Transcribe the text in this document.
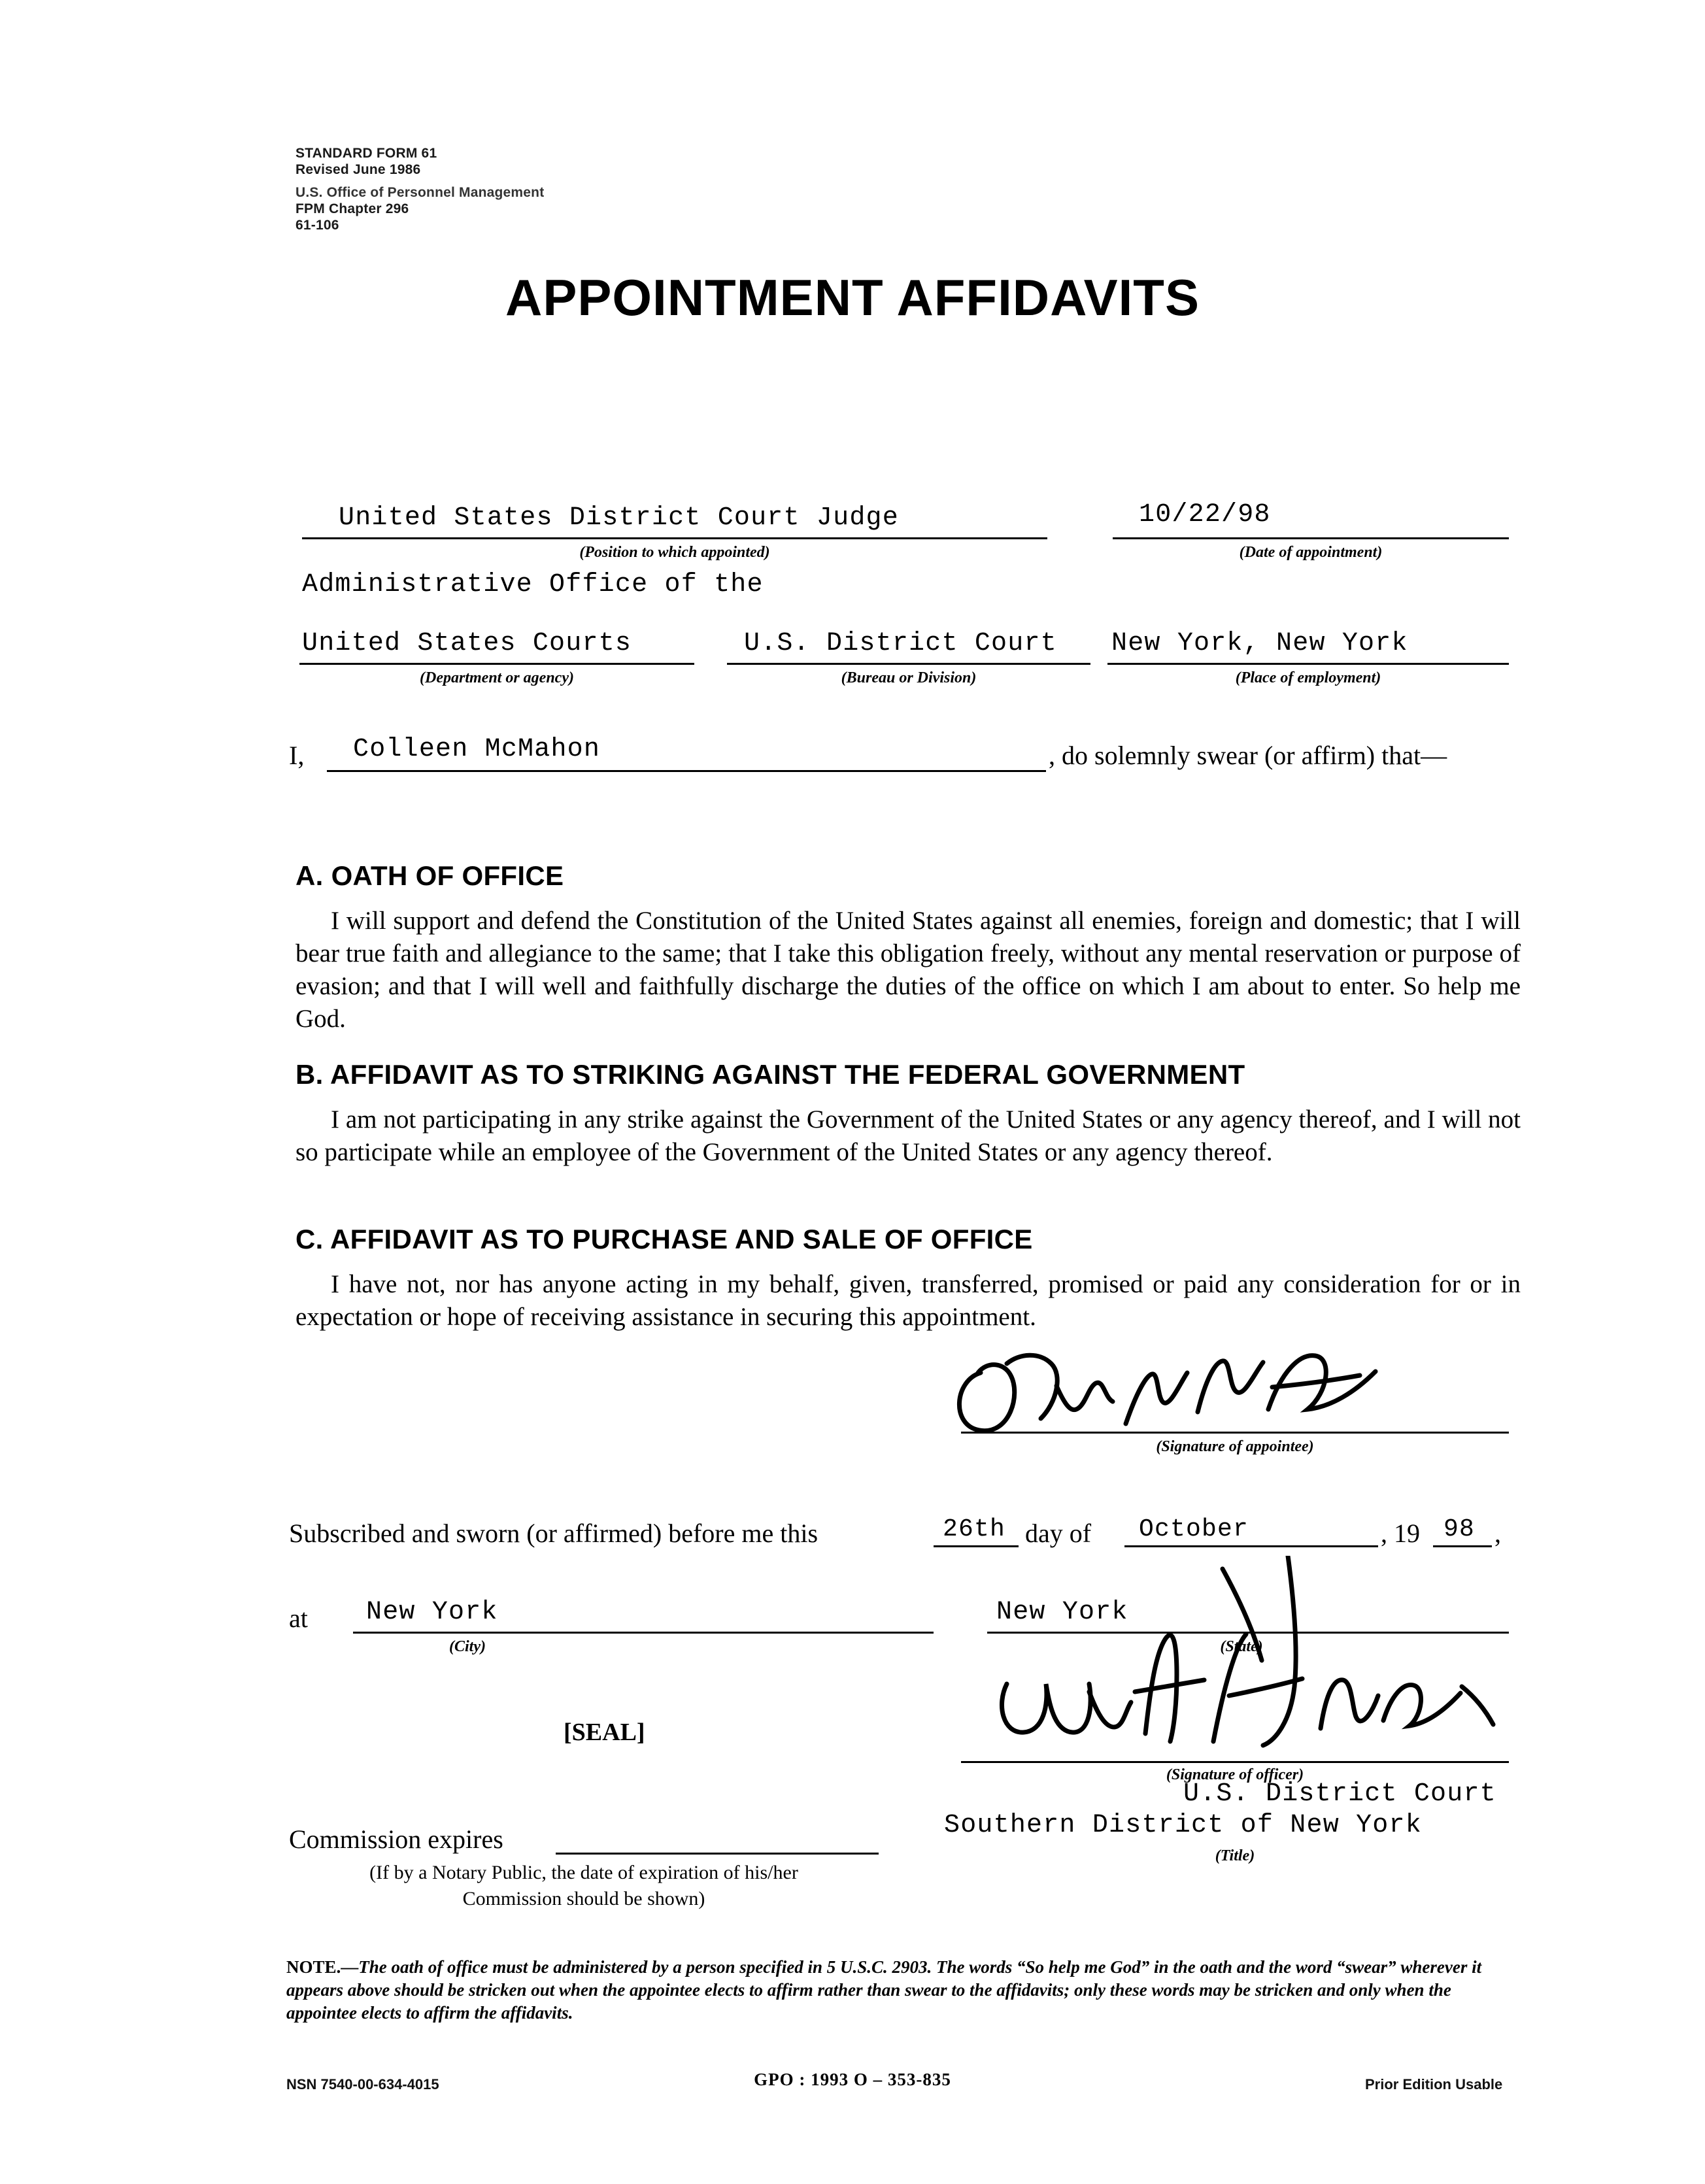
STANDARD FORM 61
Revised June 1986
U.S. Office of Personnel Management
FPM Chapter 296
61-106
APPOINTMENT AFFIDAVITS
United States District Court Judge
(Position to which appointed)
10/22/98
(Date of appointment)
Administrative Office of the
United States Courts
(Department or agency)
U.S. District Court
(Bureau or Division)
New York, New York
(Place of employment)
I, Colleen McMahon	, do solemnly swear (or affirm) that—
A. OATH OF OFFICE
I will support and defend the Constitution of the United States against all enemies, foreign and domestic; that I will bear true faith and allegiance to the same; that I take this obligation freely, without any mental reservation or purpose of evasion; and that I will well and faithfully discharge the duties of the office on which I am about to enter. So help me God.
B. AFFIDAVIT AS TO STRIKING AGAINST THE FEDERAL GOVERNMENT
I am not participating in any strike against the Government of the United States or any agency thereof, and I will not so participate while an employee of the Government of the United States or any agency thereof.
C. AFFIDAVIT AS TO PURCHASE AND SALE OF OFFICE
I have not, nor has anyone acting in my behalf, given, transferred, promised or paid any consideration for or in expectation or hope of receiving assistance in securing this appointment.
(Signature of appointee)
Subscribed and sworn (or affirmed) before me this	26th day of October	, 19 98 ,
at New York
(City)
New York
(State)
[SEAL]
(Signature of officer)
U.S. District Court
Southern District of New York
(Title)
Commission expires
(If by a Notary Public, the date of expiration of his/her
Commission should be shown)
NOTE.—The oath of office must be administered by a person specified in 5 U.S.C. 2903. The words “So help me God” in the oath and the word “swear” wherever it appears above should be stricken out when the appointee elects to affirm rather than swear to the affidavits; only these words may be stricken and only when the appointee elects to affirm the affidavits.
NSN 7540-00-634-4015	GPO : 1993 O – 353-835	Prior Edition Usable
